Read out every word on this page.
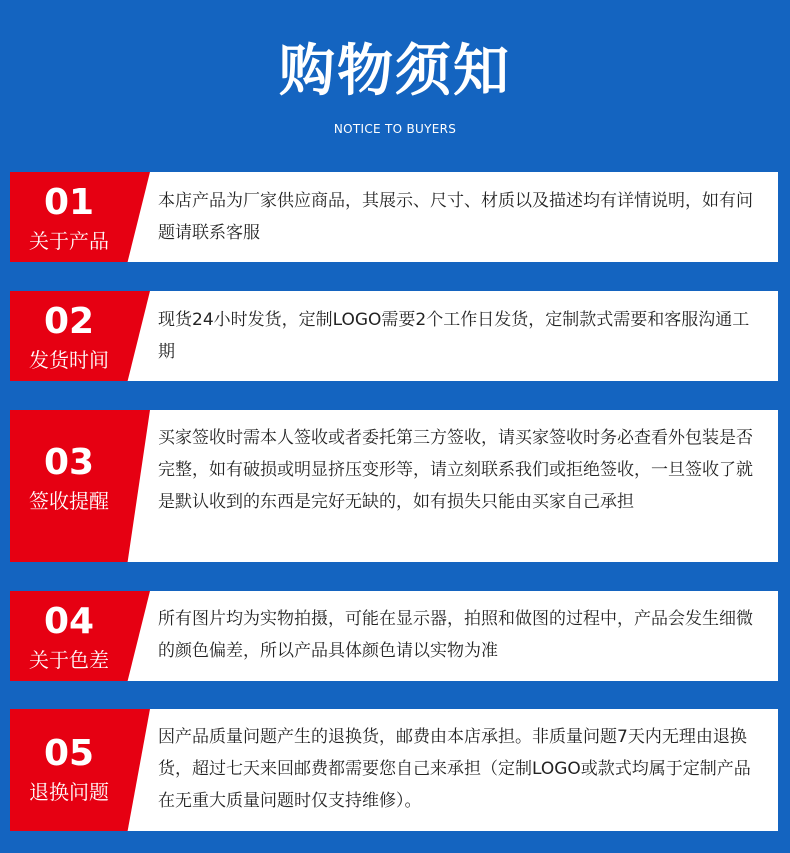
购物须知
NOTICE TO BUYERS
01
关于产品
本店产品为厂家供应商品，其展示、尺寸、材质以及描述均有详情说明，如有问题请联系客服
02
发货时间
现货24小时发货，定制LOGO需要2个工作日发货，定制款式需要和客服沟通工期
03
签收提醒
买家签收时需本人签收或者委托第三方签收，请买家签收时务必查看外包装是否完整，如有破损或明显挤压变形等，请立刻联系我们或拒绝签收，一旦签收了就是默认收到的东西是完好无缺的，如有损失只能由买家自己承担
04
关于色差
所有图片均为实物拍摄，可能在显示器，拍照和做图的过程中，产品会发生细微的颜色偏差，所以产品具体颜色请以实物为准
05
退换问题
因产品质量问题产生的退换货，邮费由本店承担。非质量问题7天内无理由退换货，超过七天来回邮费都需要您自己来承担（定制LOGO或款式均属于定制产品在无重大质量问题时仅支持维修）。
